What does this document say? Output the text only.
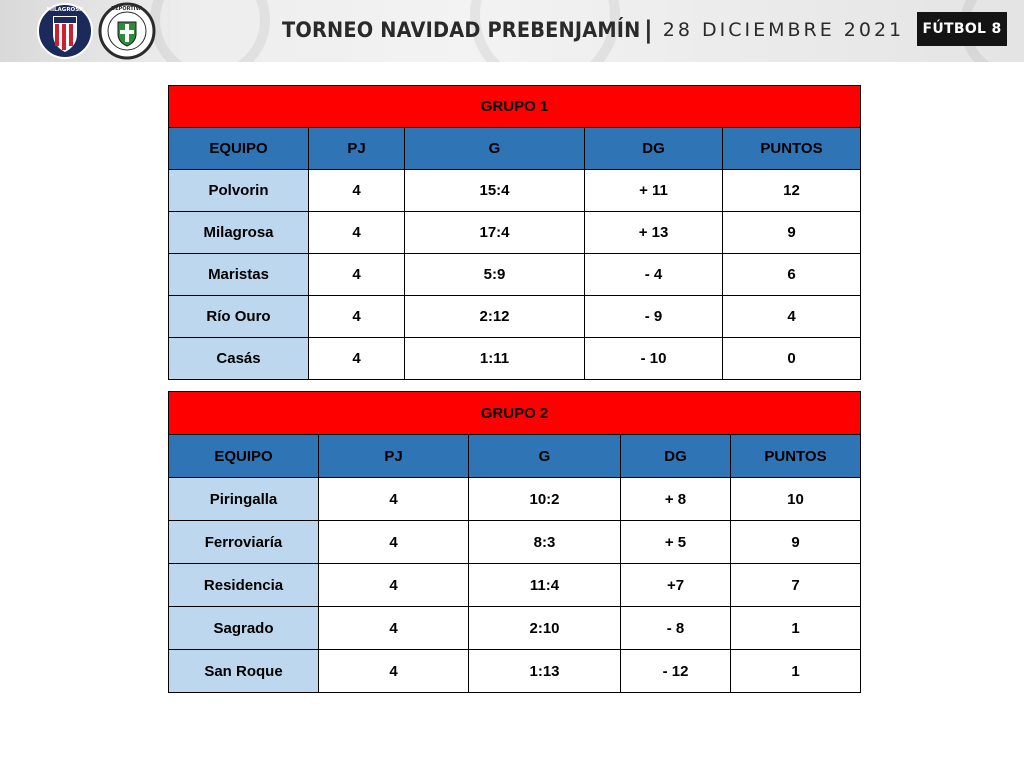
MILAGROSA	DEPORTIVA
TORNEO NAVIDAD PREBENJAMÍN | 28 DICIEMBRE 2021	FÚTBOL 8
GRUPO 1				
EQUIPO	PJ	G	DG	PUNTOS
Polvorin	4	15:4	+ 11	12
Milagrosa	4	17:4	+ 13	9
Maristas	4	5:9	- 4	6
Río Ouro	4	2:12	- 9	4
Casás	4	1:11	- 10	0
GRUPO 2				
EQUIPO	PJ	G	DG	PUNTOS
Piringalla	4	10:2	+ 8	10
Ferroviaría	4	8:3	+ 5	9
Residencia	4	11:4	+7	7
Sagrado	4	2:10	- 8	1
San Roque	4	1:13	- 12	1
